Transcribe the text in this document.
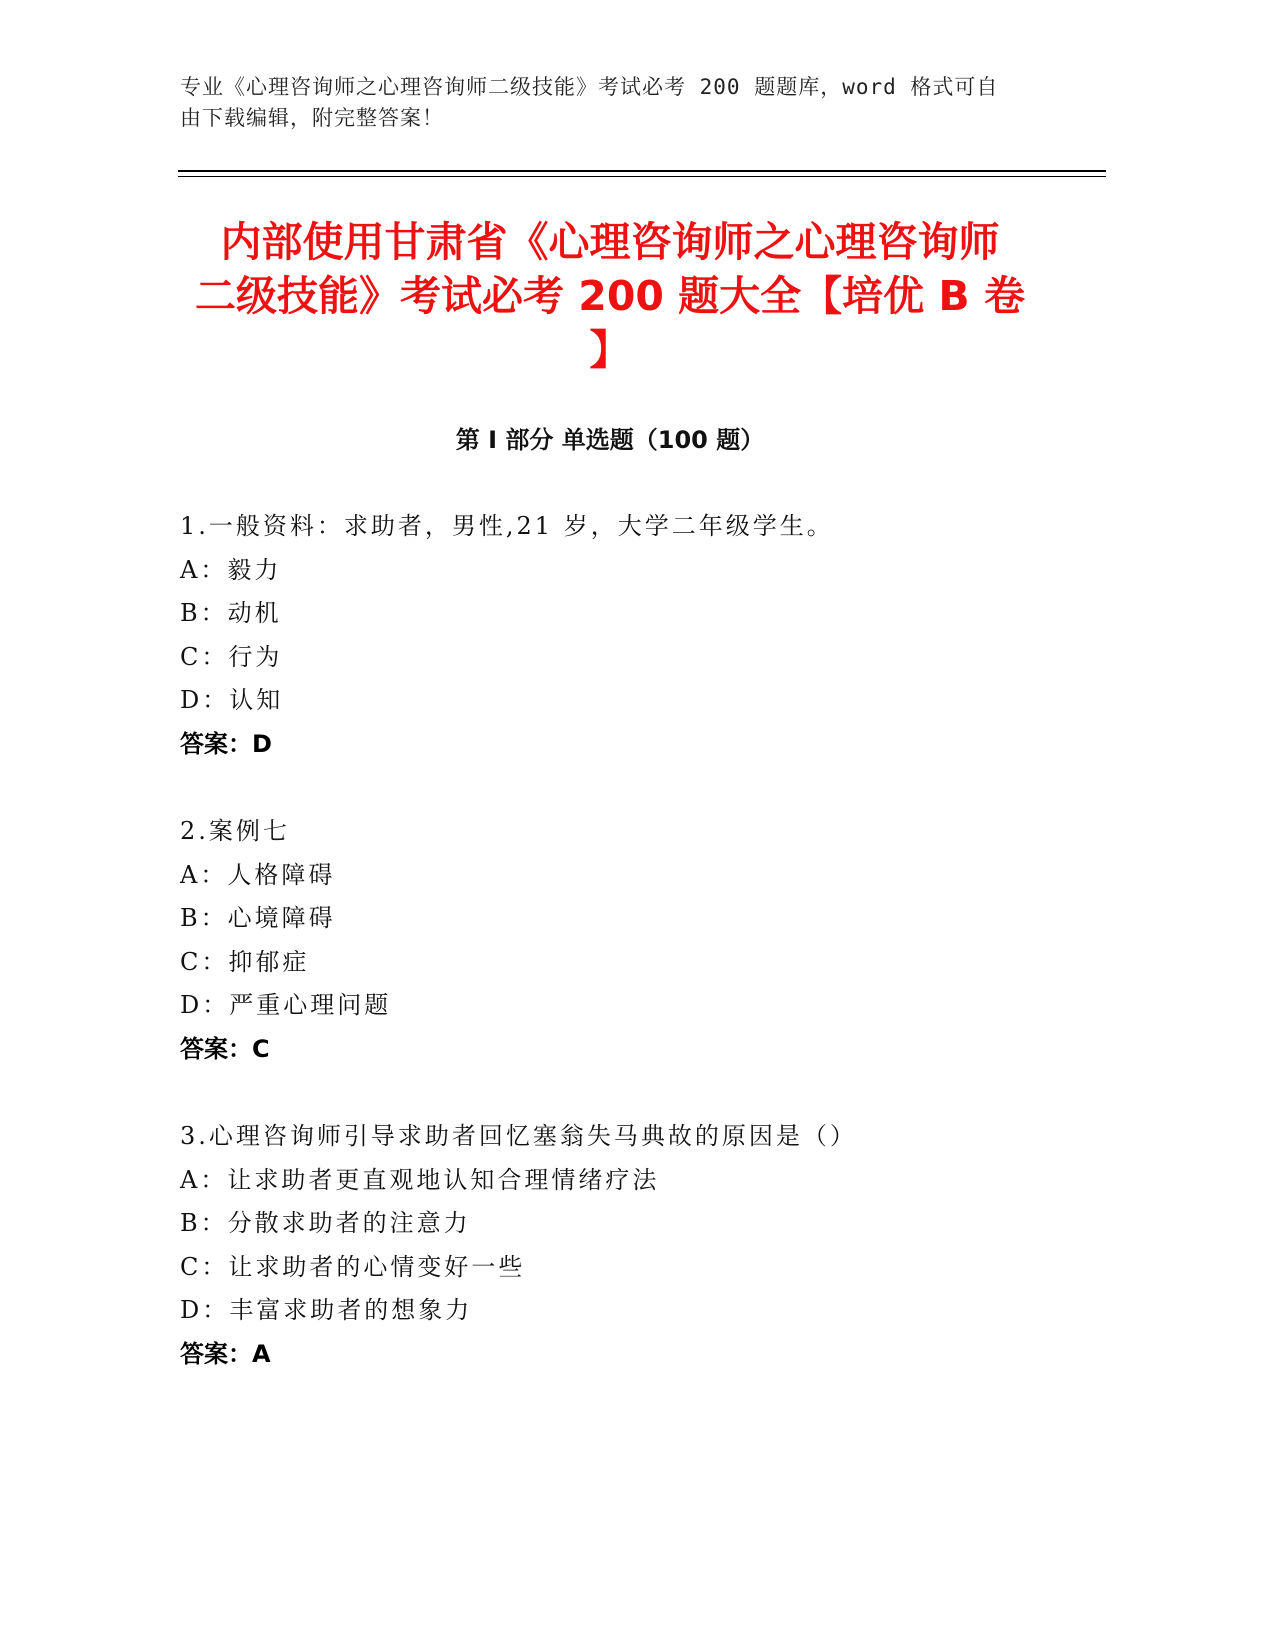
专业《心理咨询师之心理咨询师二级技能》考试必考 200 题题库，word 格式可自
由下载编辑，附完整答案！
内部使用甘肃省《心理咨询师之心理咨询师
二级技能》考试必考 200 题大全【培优 B 卷
】
第 I 部分 单选题（100 题）
1.一般资料：求助者，男性,21 岁，大学二年级学生。
A：毅力
B：动机
C：行为
D：认知
答案：D
2.案例七
A：人格障碍
B：心境障碍
C：抑郁症
D：严重心理问题
答案：C
3.心理咨询师引导求助者回忆塞翁失马典故的原因是（）
A：让求助者更直观地认知合理情绪疗法
B：分散求助者的注意力
C：让求助者的心情变好一些
D：丰富求助者的想象力
答案：A
